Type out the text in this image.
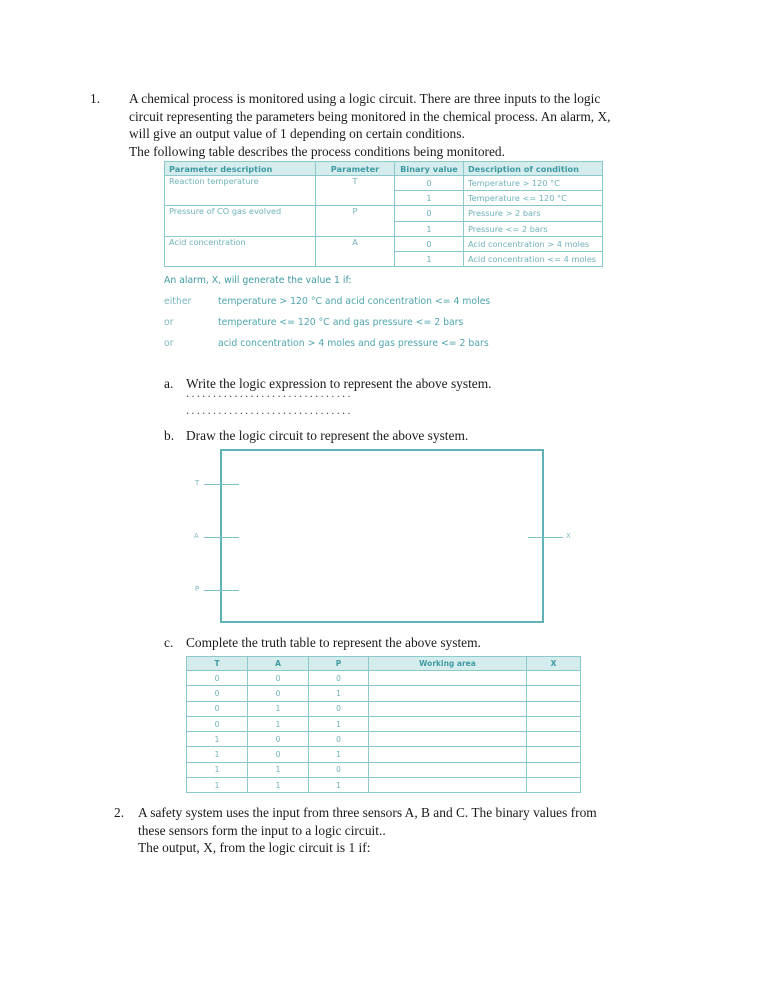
1. A chemical process is monitored using a logic circuit. There are three inputs to the logic
circuit representing the parameters being monitored in the chemical process. An alarm, X,
will give an output value of 1 depending on certain conditions.
The following table describes the process conditions being monitored.
Parameter description	Parameter	Binary value	Description of condition
Reaction temperature	T	0	Temperature > 120 °C
		1	Temperature <= 120 °C
Pressure of CO gas evolved	P	0	Pressure > 2 bars
		1	Pressure <= 2 bars
Acid concentration	A	0	Acid concentration > 4 moles
		1	Acid concentration <= 4 moles
An alarm, X, will generate the value 1 if:
either	temperature > 120 °C and acid concentration <= 4 moles
or	temperature <= 120 °C and gas pressure <= 2 bars
or	acid concentration > 4 moles and gas pressure <= 2 bars
a. Write the logic expression to represent the above system.
...............................
...............................
b. Draw the logic circuit to represent the above system.
T
A
P
X
c. Complete the truth table to represent the above system.
T	A	P	Working area	X
0	0	0		
0	0	1		
0	1	0		
0	1	1		
1	0	0		
1	0	1		
1	1	0		
1	1	1		
2. A safety system uses the input from three sensors A, B and C. The binary values from
these sensors form the input to a logic circuit..
The output, X, from the logic circuit is 1 if:
